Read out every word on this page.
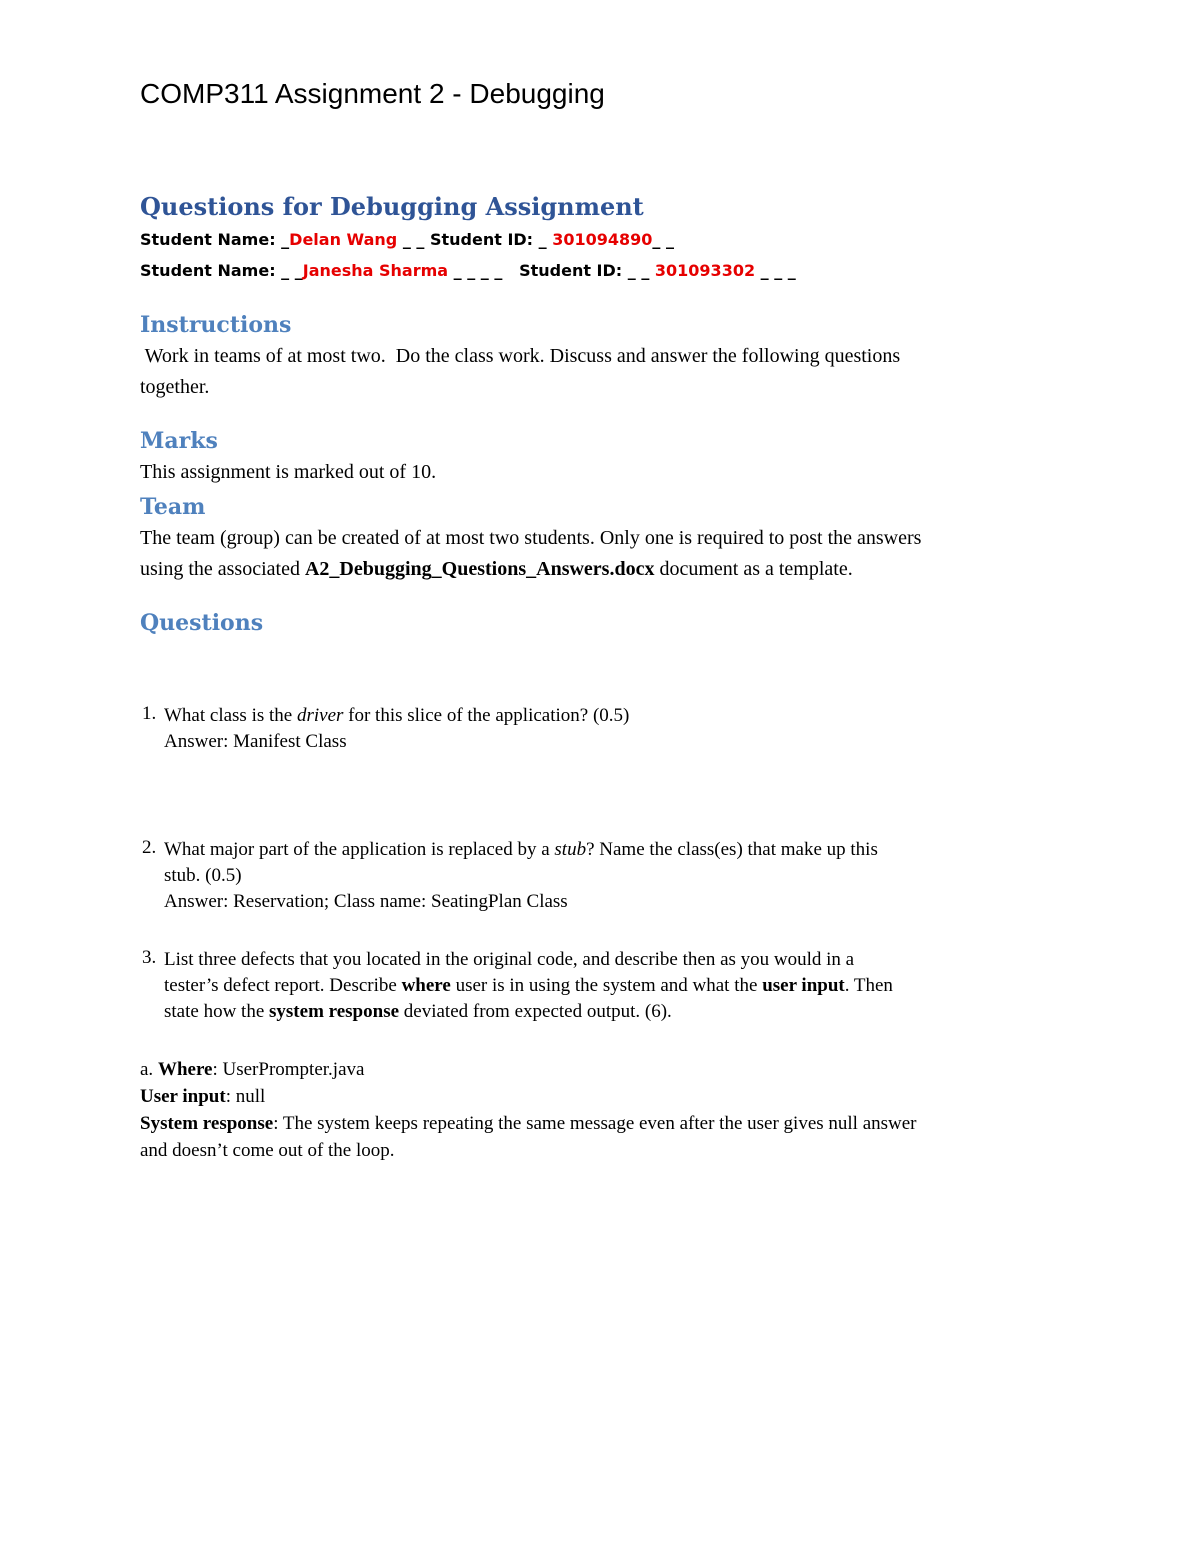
COMP311 Assignment 2 - Debugging
Questions for Debugging Assignment
Student Name: _Delan Wang _ _ Student ID: _ 301094890_ _
Student Name: _ _Janesha Sharma _ _ _ _   Student ID: _ _ 301093302 _ _ _
Instructions
Work in teams of at most two.  Do the class work. Discuss and answer the following questions
together.
Marks
This assignment is marked out of 10.
Team
The team (group) can be created of at most two students. Only one is required to post the answers
using the associated A2_Debugging_Questions_Answers.docx document as a template.
Questions
1. What class is the driver for this slice of the application? (0.5)
Answer: Manifest Class
2. What major part of the application is replaced by a stub? Name the class(es) that make up this
stub. (0.5)
Answer: Reservation; Class name: SeatingPlan Class
3. List three defects that you located in the original code, and describe then as you would in a
tester’s defect report. Describe where user is in using the system and what the user input. Then
state how the system response deviated from expected output. (6).
a. Where: UserPrompter.java
User input: null
System response: The system keeps repeating the same message even after the user gives null answer
and doesn’t come out of the loop.
